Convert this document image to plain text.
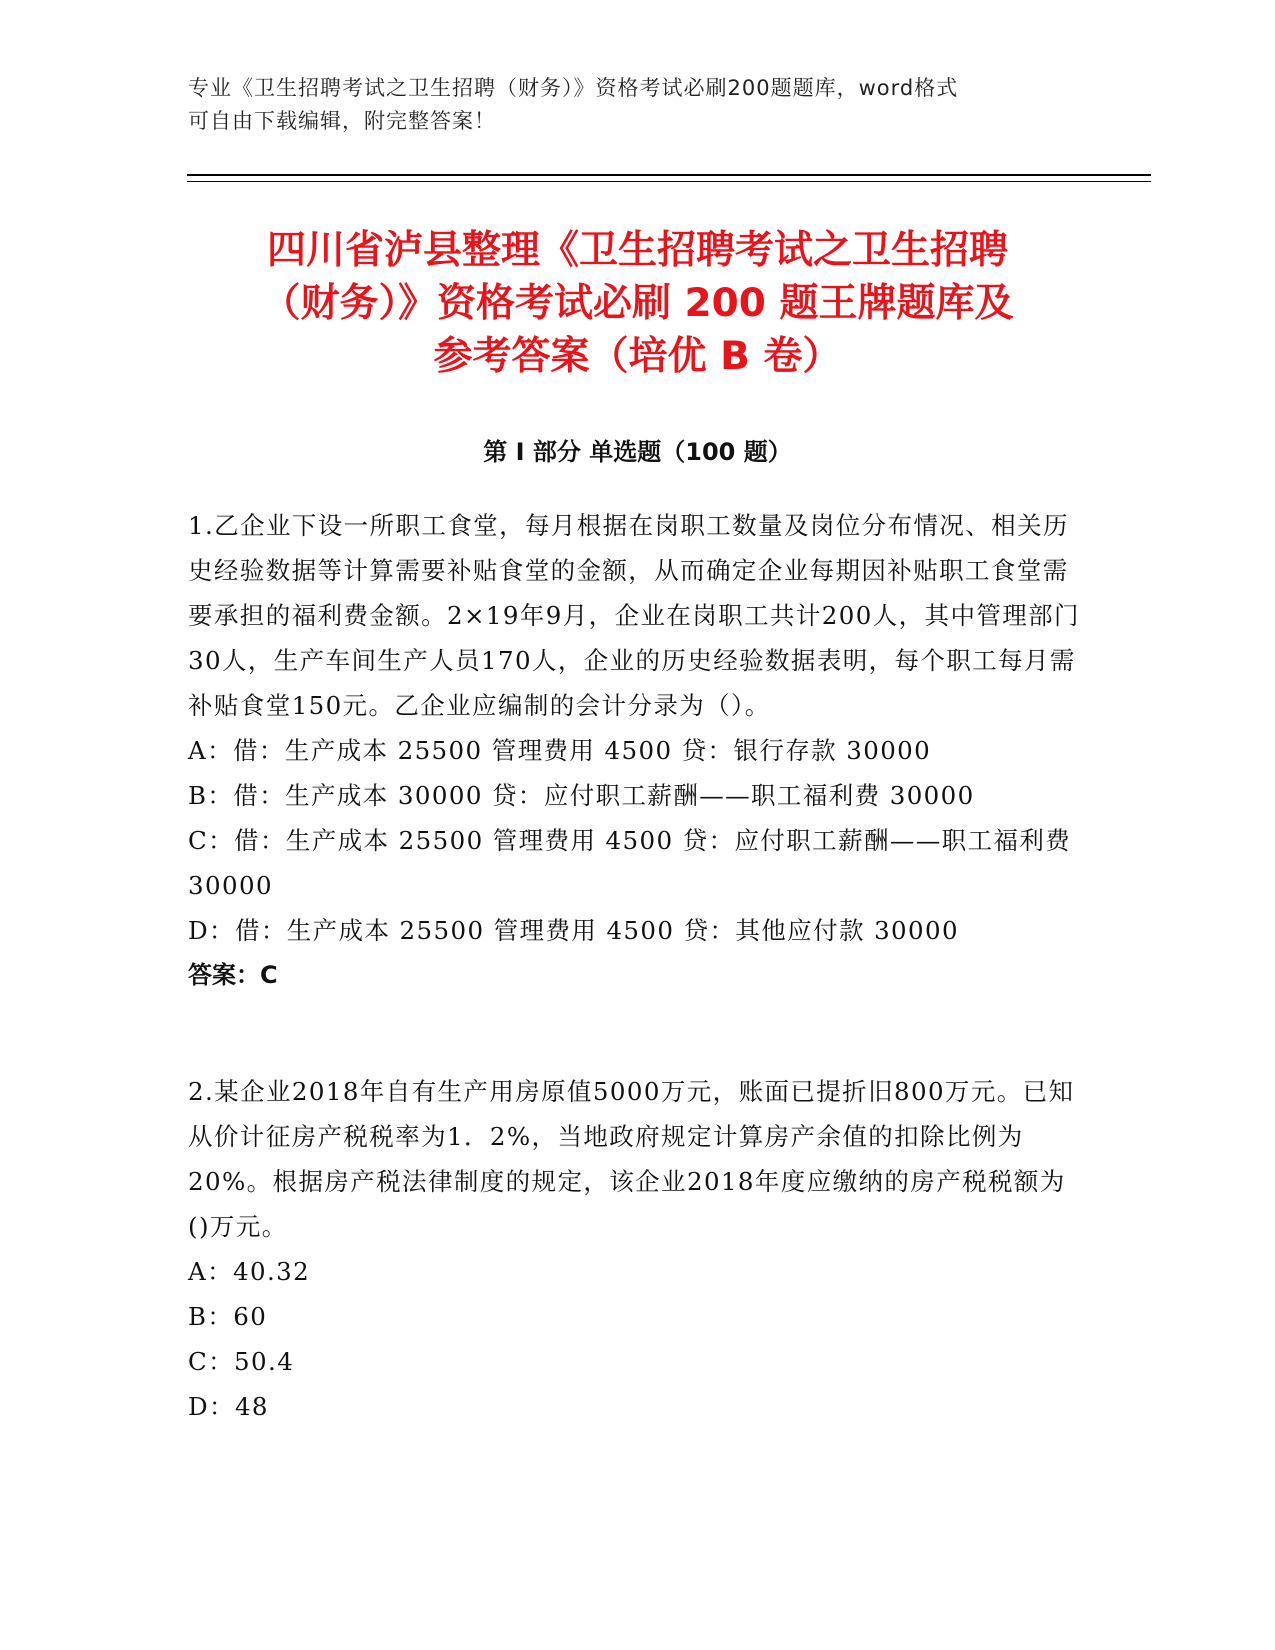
专业《卫生招聘考试之卫生招聘（财务）》资格考试必刷200题题库，word格式
可自由下载编辑，附完整答案！
四川省泸县整理《卫生招聘考试之卫生招聘
（财务）》资格考试必刷 200 题王牌题库及
参考答案（培优 B 卷）
第 I 部分 单选题（100 题）

1.乙企业下设一所职工食堂，每月根据在岗职工数量及岗位分布情况、相关历史经验数据等计算需要补贴食堂的金额，从而确定企业每期因补贴职工食堂需要承担的福利费金额。2×19年9月，企业在岗职工共计200人，其中管理部门30人，生产车间生产人员170人，企业的历史经验数据表明，每个职工每月需补贴食堂150元。乙企业应编制的会计分录为（）。

A：借：生产成本 25500 管理费用 4500 贷：银行存款 30000

B：借：生产成本 30000 贷：应付职工薪酬——职工福利费 30000

C：借：生产成本 25500 管理费用 4500 贷：应付职工薪酬——职工福利费 30000

D：借：生产成本 25500 管理费用 4500 贷：其他应付款 30000

答案：C

2.某企业2018年自有生产用房原值5000万元，账面已提折旧800万元。已知从价计征房产税税率为1．2%，当地政府规定计算房产余值的扣除比例为20%。根据房产税法律制度的规定，该企业2018年度应缴纳的房产税税额为()万元。

A：40.32

B：60

C：50.4

D：48
